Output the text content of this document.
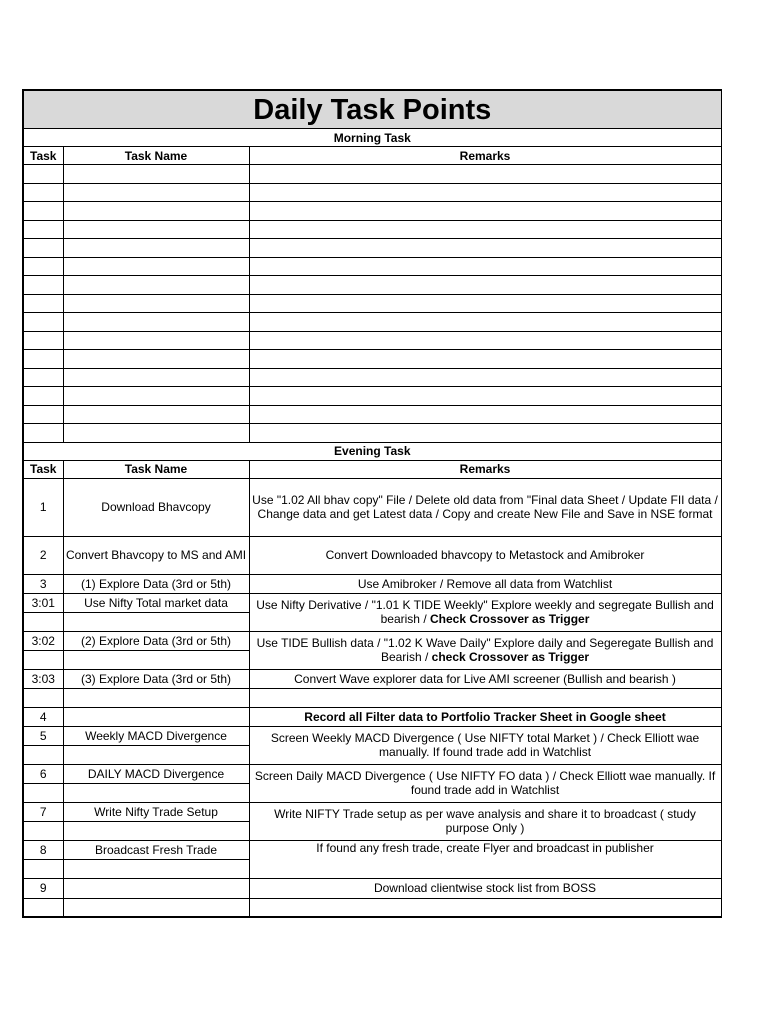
Daily Task Points		
Morning Task		
Task	Task Name	Remarks

Evening Task		
Task	Task Name	Remarks
1	Download Bhavcopy	Use "1.02 All bhav copy" File / Delete old data from "Final data Sheet / Update FII data / Change data and get Latest data / Copy and create New File and Save in NSE format
2	Convert Bhavcopy to MS and AMI	Convert Downloaded bhavcopy to Metastock and Amibroker
3	(1) Explore Data (3rd or 5th)	Use Amibroker / Remove all data from Watchlist
3:01	Use Nifty Total market data	Use Nifty Derivative / "1.01 K TIDE Weekly" Explore weekly and segregate Bullish and bearish / Check Crossover as Trigger

3:02	(2) Explore Data (3rd or 5th)	Use TIDE Bullish data / "1.02 K Wave Daily" Explore daily and Segeregate Bullish and Bearish / check Crossover as Trigger

3:03	(3) Explore Data (3rd or 5th)	Convert Wave explorer data for Live AMI screener (Bullish and bearish )

4		Record all Filter data to Portfolio Tracker Sheet in Google sheet
5	Weekly MACD Divergence	Screen Weekly MACD Divergence ( Use NIFTY total Market ) / Check Elliott wae manually. If found trade add in Watchlist

6	DAILY MACD Divergence	Screen Daily MACD Divergence ( Use NIFTY FO data ) / Check Elliott wae manually. If found trade add in Watchlist

7	Write Nifty Trade Setup	Write NIFTY Trade setup as per wave analysis and share it to broadcast ( study purpose Only )

8	Broadcast Fresh Trade	If found any fresh trade, create Flyer and broadcast in publisher

9		Download clientwise stock list from BOSS
